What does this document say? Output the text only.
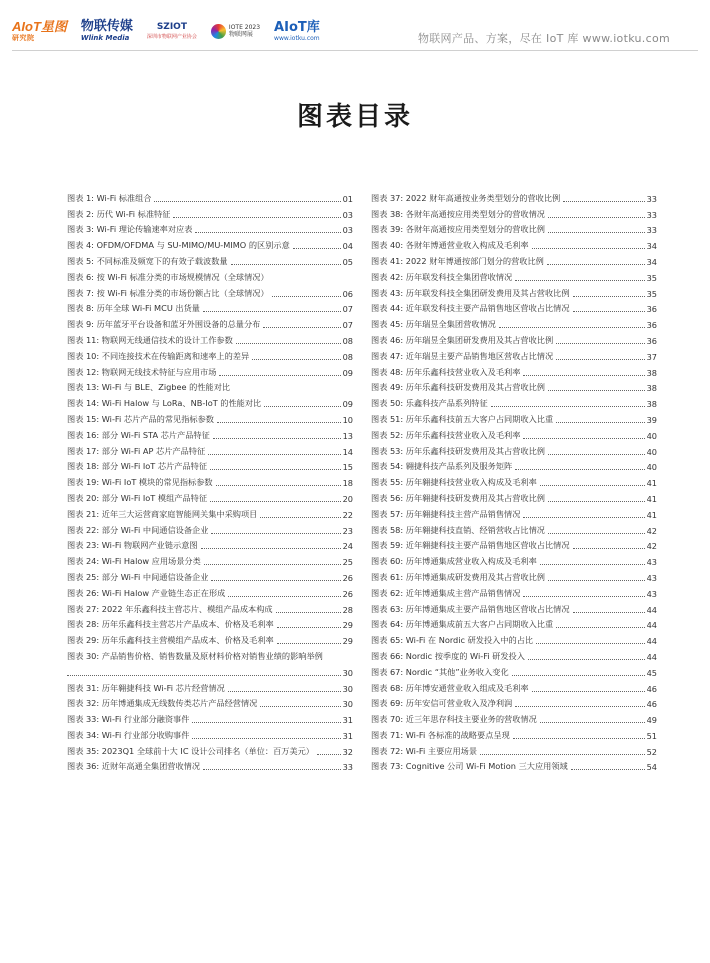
AIoT星图
研究院
物联传媒
Wlink Media
SZIOT
深圳市物联网产业协会
IOTE 2023
物联网展	AIoT库
www.iotku.com	物联网产品、方案，尽在 IoT 库 www.iotku.com
图表目录
图表 1: Wi-Fi 标准组合	01
图表 2: 历代 Wi-Fi 标准特征	03
图表 3: Wi-Fi 理论传输速率对应表	03
图表 4: OFDM/OFDMA 与 SU-MIMO/MU-MIMO 的区别示意	04
图表 5: 不同标准及频宽下的有效子载波数量	05
图表 6: 按 Wi-Fi 标准分类的市场规模情况（全球情况）
图表 7: 按 Wi-Fi 标准分类的市场份额占比（全球情况）	06
图表 8: 历年全球 Wi-Fi MCU 出货量	07
图表 9: 历年蓝牙平台设备和蓝牙外围设备的总量分布	07
图表 11: 物联网无线通信技术的设计工作参数	08
图表 10: 不同连接技术在传输距离和速率上的差异	08
图表 12: 物联网无线技术特征与应用市场	09
图表 13: Wi-Fi 与 BLE、Zigbee 的性能对比
图表 14: Wi-Fi Halow 与 LoRa、NB-IoT 的性能对比	09
图表 15: Wi-Fi 芯片产品的常见指标参数	10
图表 16: 部分 Wi-Fi STA 芯片产品特征	13
图表 17: 部分 Wi-Fi AP 芯片产品特征	14
图表 18: 部分 Wi-Fi IoT 芯片产品特征	15
图表 19: Wi-Fi IoT 模块的常见指标参数	18
图表 20: 部分 Wi-Fi IoT 模组产品特征	20
图表 21: 近年三大运营商家庭智能网关集中采购项目	22
图表 22: 部分 Wi-Fi 中间通信设备企业	23
图表 23: Wi-Fi 物联网产业链示意图	24
图表 24: Wi-Fi Halow 应用场景分类	25
图表 25: 部分 Wi-Fi 中间通信设备企业	26
图表 26: Wi-Fi Halow 产业链生态正在形成	26
图表 27: 2022 年乐鑫科技主营芯片、模组产品成本构成	28
图表 28: 历年乐鑫科技主营芯片产品成本、价格及毛利率	29
图表 29: 历年乐鑫科技主营模组产品成本、价格及毛利率	29
图表 30: 产品销售价格、销售数量及原材料价格对销售业绩的影响举例
30
图表 31: 历年翱捷科技 Wi-Fi 芯片经营情况	30
图表 32: 历年博通集成无线数传类芯片产品经营情况	30
图表 33: Wi-Fi 行业部分融资事件	31
图表 34: Wi-Fi 行业部分收购事件	31
图表 35: 2023Q1 全球前十大 IC 设计公司排名（单位：百万美元）	32
图表 36: 近财年高通全集团营收情况	33
图表 37: 2022 财年高通按业务类型划分的营收比例	33
图表 38: 各财年高通按应用类型划分的营收情况	33
图表 39: 各财年高通按应用类型划分的营收比例	33
图表 40: 各财年博通营业收入构成及毛利率	34
图表 41: 2022 财年博通按部门划分的营收比例	34
图表 42: 历年联发科技全集团营收情况	35
图表 43: 历年联发科技全集团研发费用及其占营收比例	35
图表 44: 近年联发科技主要产品销售地区营收占比情况	36
图表 45: 历年瑞昱全集团营收情况	36
图表 46: 历年瑞昱全集团研发费用及其占营收比例	36
图表 47: 近年瑞昱主要产品销售地区营收占比情况	37
图表 48: 历年乐鑫科技营业收入及毛利率	38
图表 49: 历年乐鑫科技研发费用及其占营收比例	38
图表 50: 乐鑫科技产品系列特征	38
图表 51: 历年乐鑫科技前五大客户占同期收入比重	39
图表 52: 历年乐鑫科技营业收入及毛利率	40
图表 53: 历年乐鑫科技研发费用及其占营收比例	40
图表 54: 翱捷科技产品系列及服务矩阵	40
图表 55: 历年翱捷科技营业收入构成及毛利率	41
图表 56: 历年翱捷科技研发费用及其占营收比例	41
图表 57: 历年翱捷科技主营产品销售情况	41
图表 58: 历年翱捷科技直销、经销营收占比情况	42
图表 59: 近年翱捷科技主要产品销售地区营收占比情况	42
图表 60: 历年博通集成营业收入构成及毛利率	43
图表 61: 历年博通集成研发费用及其占营收比例	43
图表 62: 近年博通集成主营产品销售情况	43
图表 63: 历年博通集成主要产品销售地区营收占比情况	44
图表 64: 历年博通集成前五大客户占同期收入比重	44
图表 65: Wi-Fi 在 Nordic 研发投入中的占比	44
图表 66: Nordic 按季度的 Wi-Fi 研发投入	44
图表 67: Nordic “其他”业务收入变化	45
图表 68: 历年博安通营业收入组成及毛利率	46
图表 69: 历年安信可营业收入及净利润	46
图表 70: 近三年思存科技主要业务的营收情况	49
图表 71: Wi-Fi 各标准的战略要点呈现	51
图表 72: Wi-Fi 主要应用场景	52
图表 73: Cognitive 公司 Wi-Fi Motion 三大应用领域	54
